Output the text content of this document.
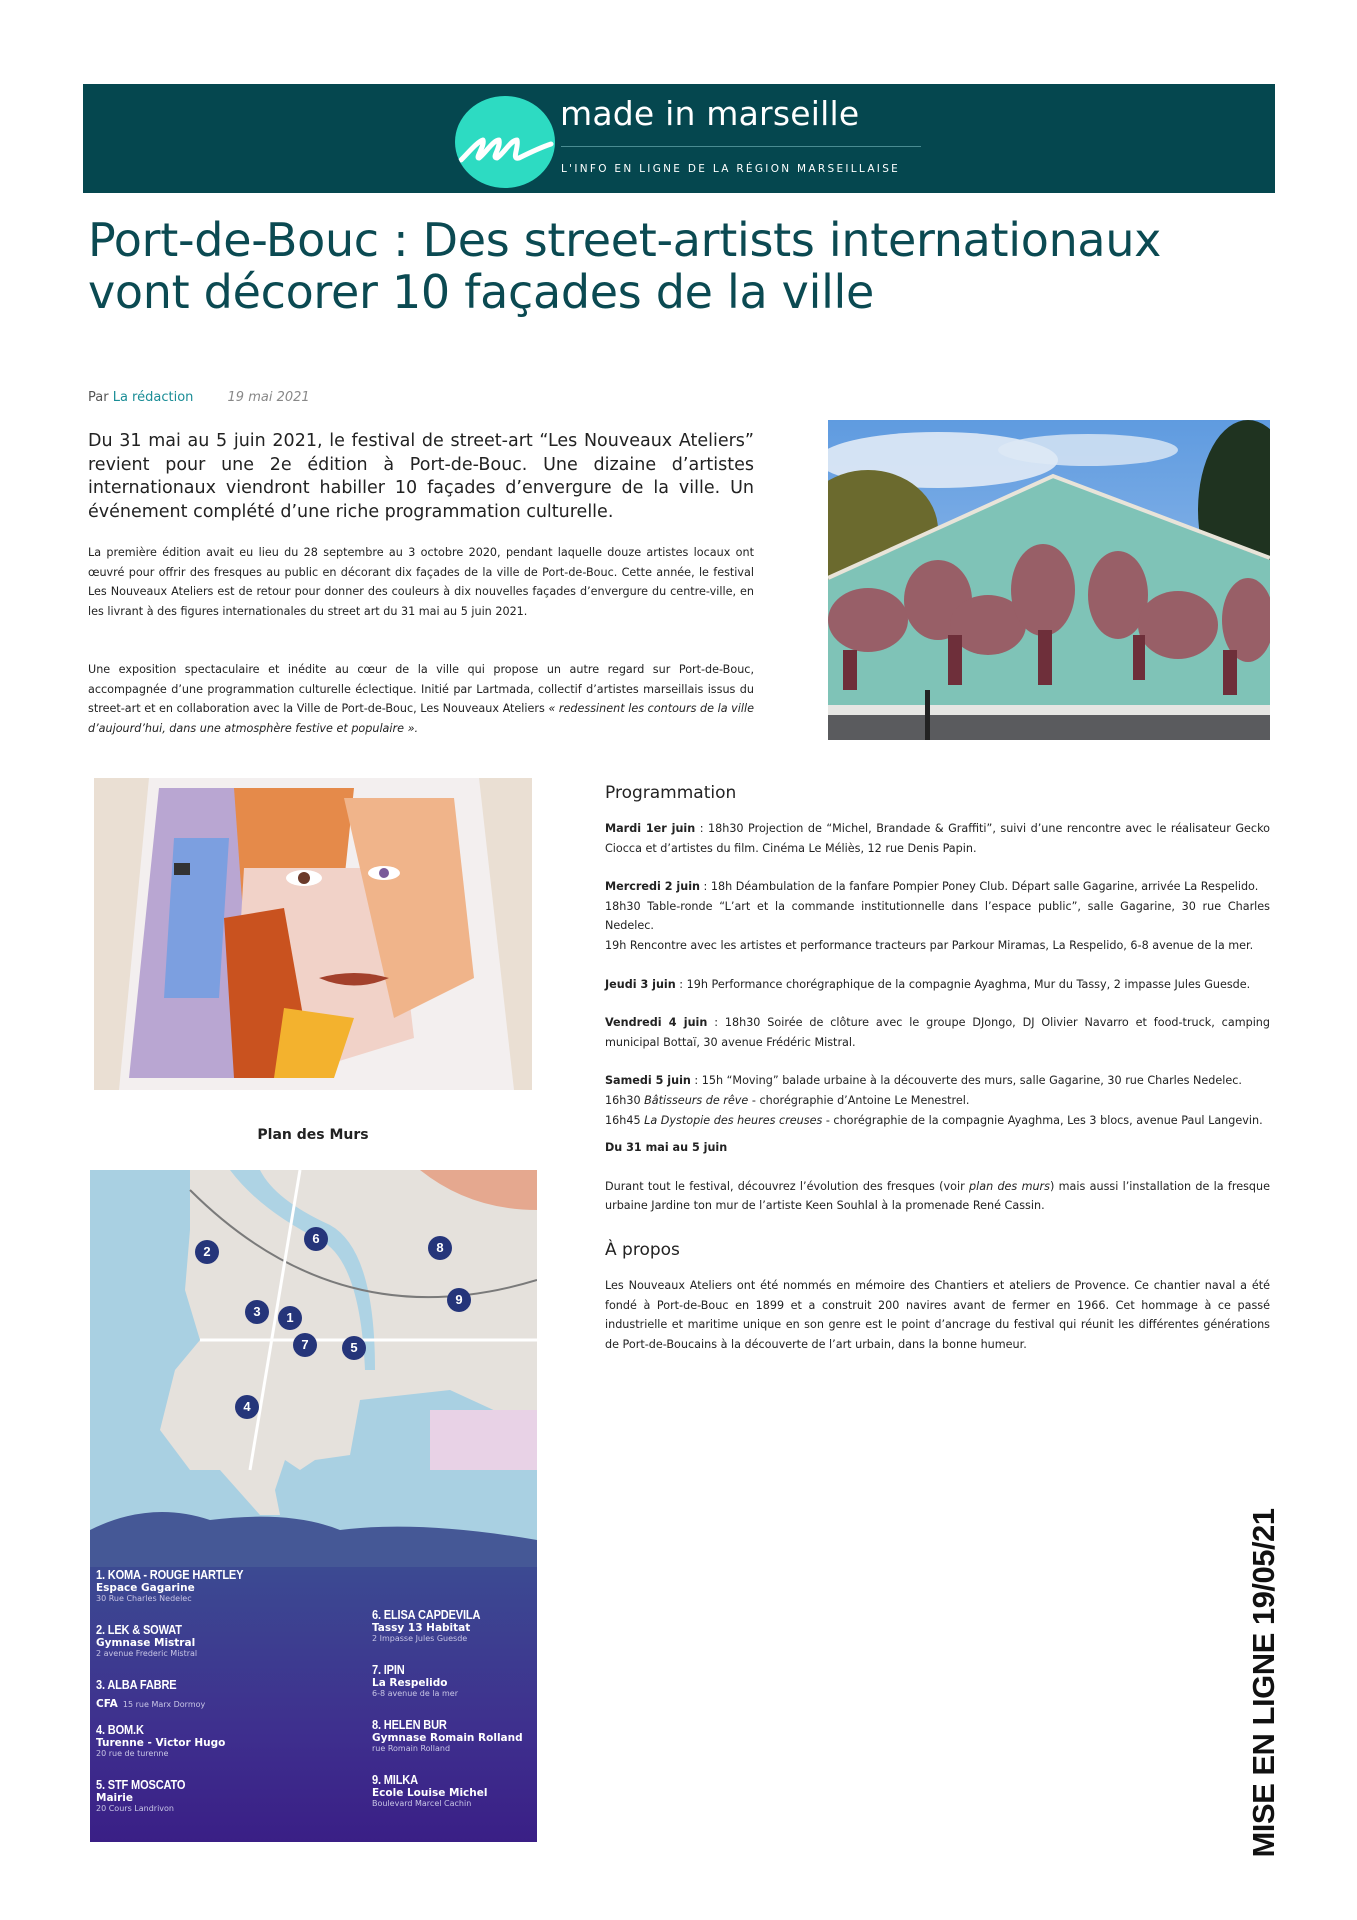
made in marseille
L'INFO EN LIGNE DE LA RÉGION MARSEILLAISE
Port-de-Bouc : Des street-artists internationaux vont décorer 10 façades de la ville
Par La rédaction	19 mai 2021

Du 31 mai au 5 juin 2021, le festival de street-art “Les Nouveaux Ateliers” revient pour une 2e édition à Port-de-Bouc. Une dizaine d’artistes internationaux viendront habiller 10 façades d’envergure de la ville. Un événement complété d’une riche programmation culturelle.

La première édition avait eu lieu du 28 septembre au 3 octobre 2020, pendant laquelle douze artistes locaux ont œuvré pour offrir des fresques au public en décorant dix façades de la ville de Port-de-Bouc. Cette année, le festival Les Nouveaux Ateliers est de retour pour donner des couleurs à dix nouvelles façades d’envergure du centre-ville, en les livrant à des figures internationales du street art du 31 mai au 5 juin 2021.

Une exposition spectaculaire et inédite au cœur de la ville qui propose un autre regard sur Port-de-Bouc, accompagnée d’une programmation culturelle éclectique. Initié par Lartmada, collectif d’artistes marseillais issus du street-art et en collaboration avec la Ville de Port-de-Bouc, Les Nouveaux Ateliers « redessinent les contours de la ville d’aujourd’hui, dans une atmosphère festive et populaire ».

Plan des Murs
2
6
8
9
3	1
7	5
4
1. KOMA - ROUGE HARTLEY
Espace Gagarine
30 Rue Charles Nedelec
2. LEK & SOWAT
Gymnase Mistral
2 avenue Frederic Mistral
3. ALBA FABRE
CFA 15 rue Marx Dormoy
4. BOM.K
Turenne - Victor Hugo
20 rue de turenne
5. STF MOSCATO
Mairie
20 Cours Landrivon
6. ELISA CAPDEVILA
Tassy 13 Habitat
2 Impasse Jules Guesde
7. IPIN
La Respelido
6-8 avenue de la mer
8. HELEN BUR
Gymnase Romain Rolland
rue Romain Rolland
9. MILKA
Ecole Louise Michel
Boulevard Marcel Cachin
Programmation

Mardi 1er juin : 18h30 Projection de “Michel, Brandade & Graffiti”, suivi d’une rencontre avec le réalisateur Gecko Ciocca et d’artistes du film. Cinéma Le Méliès, 12 rue Denis Papin.

Mercredi 2 juin : 18h Déambulation de la fanfare Pompier Poney Club. Départ salle Gagarine, arrivée La Respelido.
18h30 Table-ronde “L’art et la commande institutionnelle dans l’espace public”, salle Gagarine, 30 rue Charles Nedelec.
19h Rencontre avec les artistes et performance tracteurs par Parkour Miramas, La Respelido, 6-8 avenue de la mer.

Jeudi 3 juin : 19h Performance chorégraphique de la compagnie Ayaghma, Mur du Tassy, 2 impasse Jules Guesde.

Vendredi 4 juin : 18h30 Soirée de clôture avec le groupe DJongo, DJ Olivier Navarro et food-truck, camping municipal Bottaï, 30 avenue Frédéric Mistral.

Samedi 5 juin : 15h “Moving” balade urbaine à la découverte des murs, salle Gagarine, 30 rue Charles Nedelec.
16h30 Bâtisseurs de rêve - chorégraphie d’Antoine Le Menestrel.
16h45 La Dystopie des heures creuses - chorégraphie de la compagnie Ayaghma, Les 3 blocs, avenue Paul Langevin.

Du 31 mai au 5 juin

Durant tout le festival, découvrez l’évolution des fresques (voir plan des murs) mais aussi l’installation de la fresque urbaine Jardine ton mur de l’artiste Keen Souhlal à la promenade René Cassin.

À propos

Les Nouveaux Ateliers ont été nommés en mémoire des Chantiers et ateliers de Provence. Ce chantier naval a été fondé à Port-de-Bouc en 1899 et a construit 200 navires avant de fermer en 1966. Cet hommage à ce passé industrielle et maritime unique en son genre est le point d’ancrage du festival qui réunit les différentes générations de Port-de-Boucains à la découverte de l’art urbain, dans la bonne humeur.

MISE EN LIGNE 19/05/21
